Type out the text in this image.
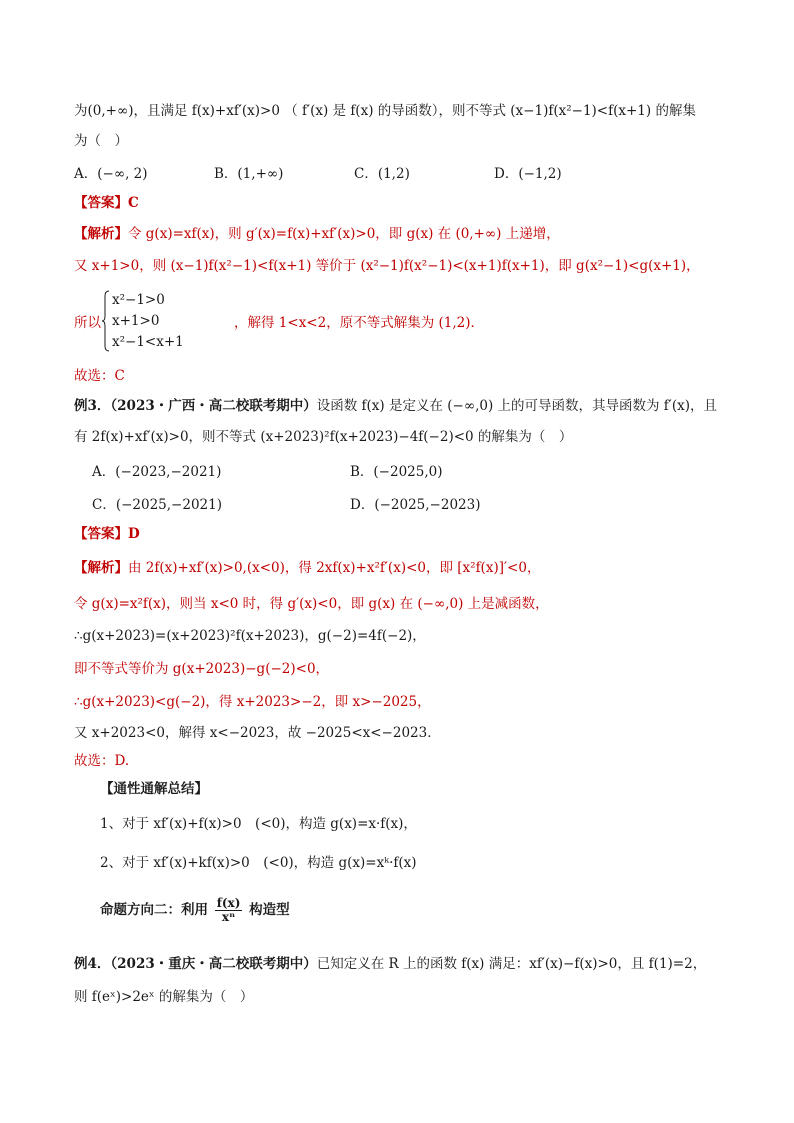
为(0,+∞)，且满足 f(x)+xf′(x)>0 （ f′(x) 是 f(x) 的导函数），则不等式 (x−1)f(x²−1)<f(x+1) 的解集
为（　）
A．(−∞, 2)	B．(1,+∞)	C．(1,2)	D．(−1,2)
【答案】C
【解析】令 g(x)=xf(x)，则 g′(x)=f(x)+xf′(x)>0，即 g(x) 在 (0,+∞) 上递增，
又 x+1>0，则 (x−1)f(x²−1)<f(x+1) 等价于 (x²−1)f(x²−1)<(x+1)f(x+1)，即 g(x²−1)<g(x+1)，
所以
x²−1>0
x+1>0
x²−1<x+1
，解得 1<x<2，原不等式解集为 (1,2)．
故选：C
例3．（2023・广西・高二校联考期中）设函数 f(x) 是定义在 (−∞,0) 上的可导函数，其导函数为 f′(x)，且
有 2f(x)+xf′(x)>0，则不等式 (x+2023)²f(x+2023)−4f(−2)<0 的解集为（　）
A．(−2023,−2021)	B．(−2025,0)
C．(−2025,−2021)	D．(−2025,−2023)
【答案】D
【解析】由 2f(x)+xf′(x)>0,(x<0)，得 2xf(x)+x²f′(x)<0，即 [x²f(x)]′<0，
令 g(x)=x²f(x)，则当 x<0 时，得 g′(x)<0，即 g(x) 在 (−∞,0) 上是减函数，
∴g(x+2023)=(x+2023)²f(x+2023)，g(−2)=4f(−2)，
即不等式等价为 g(x+2023)−g(−2)<0，
∴g(x+2023)<g(−2)，得 x+2023>−2，即 x>−2025，
又 x+2023<0，解得 x<−2023，故 −2025<x<−2023．
故选：D.
【通性通解总结】
1、对于 xf′(x)+f(x)>0　(<0)，构造 g(x)=x·f(x)，
2、对于 xf′(x)+kf(x)>0　(<0)，构造 g(x)=xᵏ·f(x)
命题方向二：利用 $\frac{f(x)}{\text{xⁿ}}$ 构造型
例4．（2023・重庆・高二校联考期中）已知定义在 R 上的函数 f(x) 满足：xf′(x)−f(x)>0，且 f(1)=2，
则 f(eˣ)>2eˣ 的解集为（　）
